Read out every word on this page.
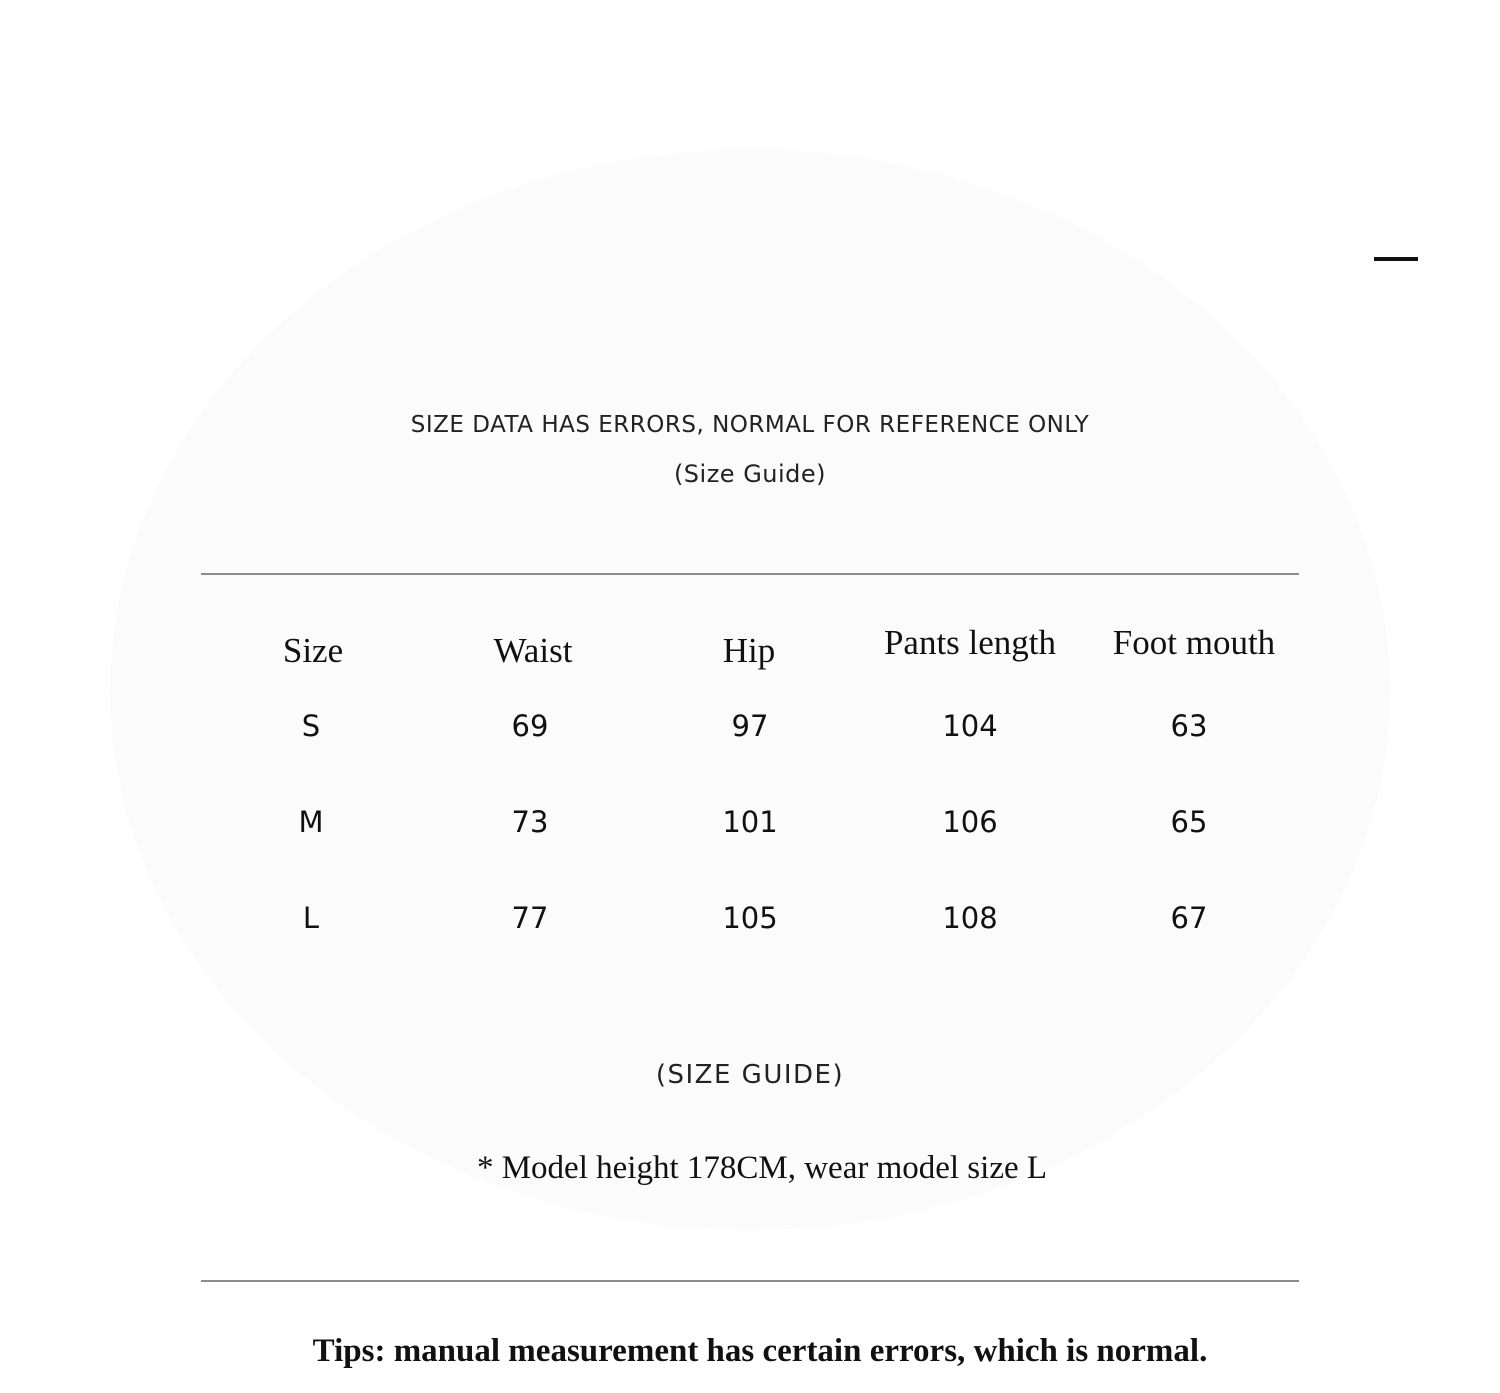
SIZE DATA HAS ERRORS, NORMAL FOR REFERENCE ONLY
(Size Guide)
Size	Waist	Hip	Pants length	Foot mouth
S	69	97	104	63
M	73	101	106	65
L	77	105	108	67
(SIZE GUIDE)
* Model height 178CM, wear model size L
Tips: manual measurement has certain errors, which is normal.
